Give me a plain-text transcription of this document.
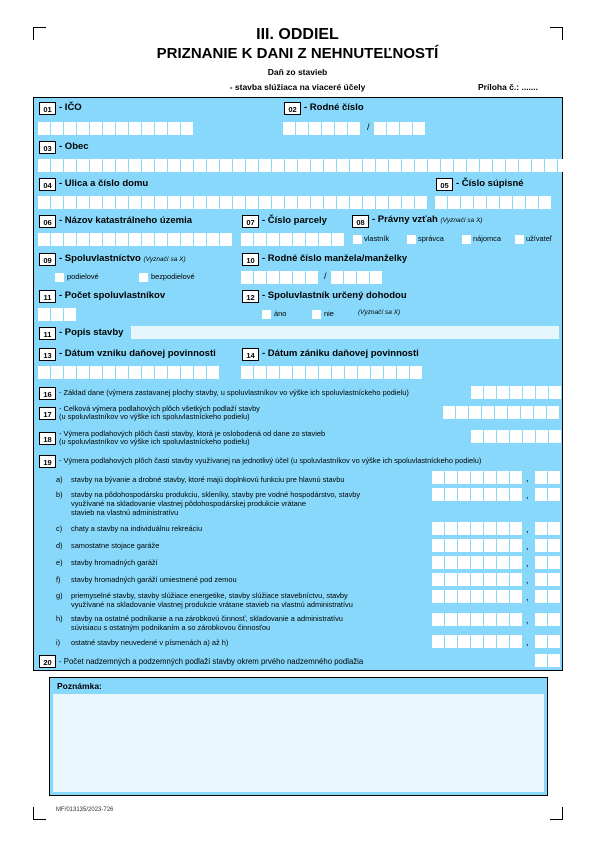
III. ODDIEL
PRIZNANIE K DANI Z NEHNUTEĽNOSTÍ
Daň zo stavieb
- stavba slúžiaca na viaceré účely	Príloha č.: .......
01 - IČO	02 - Rodné číslo
/
03 - Obec
04 - Ulica a číslo domu	05 - Číslo súpisné
06 - Názov katastrálneho územia	07 - Číslo parcely	08 - Právny vzťah (Vyznačí sa X)
vlastník	správca	nájomca	užívateľ
09 - Spoluvlastníctvo (Vyznačí sa X)
podielové	bezpodielové
10 - Rodné číslo manžela/manželky
/
11 - Počet spoluvlastníkov	12 - Spoluvlastník určený dohodou
áno	nie	(Vyznačí sa X)
11 - Popis stavby
13 - Dátum vzniku daňovej povinnosti	14 - Dátum zániku daňovej povinnosti
16 - Základ dane (výmera zastavanej plochy stavby, u spoluvlastníkov vo výške ich spoluvlastníckeho podielu)
17
- Celková výmera podlahových plôch všetkých podlaží stavby
(u spoluvlastníkov vo výške ich spoluvlastníckeho podielu)
18
- Výmera podlahových plôch časti stavby, ktorá je oslobodená od dane zo stavieb
(u spoluvlastníkov vo výške ich spoluvlastníckeho podielu)
19 - Výmera podlahových plôch časti stavby využívanej na jednotlivý účel (u spoluvlastníkov vo výške ich spoluvlastníckeho podielu)
a) stavby na bývanie a drobné stavby, ktoré majú doplnkovú funkciu pre hlavnú stavbu	,
b) stavby na pôdohospodársku produkciu, skleníky, stavby pre vodné hospodárstvo, stavby
využívané na skladovanie vlastnej pôdohospodárskej produkcie vrátane
stavieb na vlastnú administratívu
,
c) chaty a stavby na individuálnu rekreáciu	,
d) samostatne stojace garáže	,
e) stavby hromadných garáží	,
f) stavby hromadných garáží umiestnené pod zemou	,
g) priemyselné stavby, stavby slúžiace energetike, stavby slúžiace stavebníctvu, stavby
využívané na skladovanie vlastnej produkcie vrátane stavieb na vlastnú administratívu
,
h) stavby na ostatné podnikanie a na zárobkovú činnosť, skladovanie a administratívu
súvisiacu s ostatným podnikaním a so zárobkovou činnosťou
,
i) ostatné stavby neuvedené v písmenách a) až h)	,
20 - Počet nadzemných a podzemných podlaží stavby okrem prvého nadzemného podlažia
Poznámka:
MF/013135/2023-726
